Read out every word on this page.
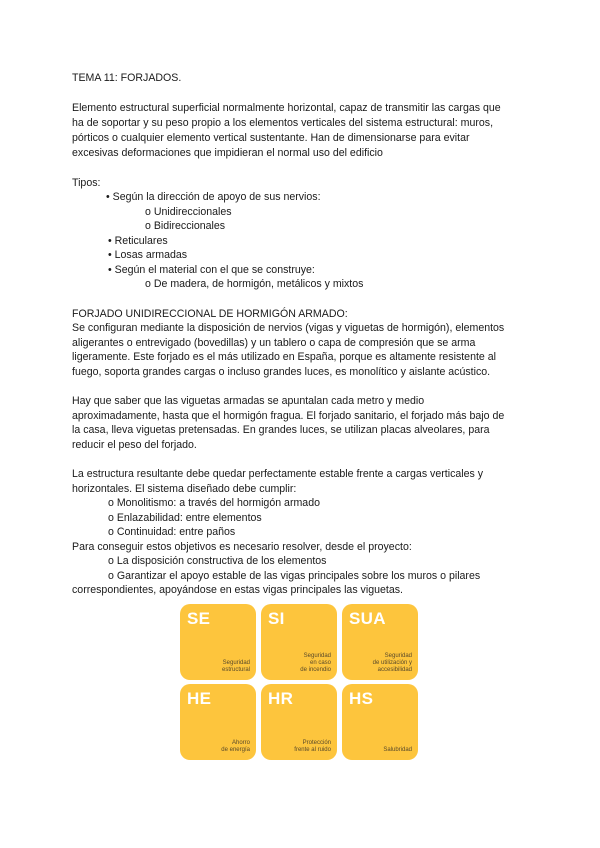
TEMA 11: FORJADOS.
Elemento estructural superficial normalmente horizontal, capaz de transmitir las cargas que
ha de soportar y su peso propio a los elementos verticales del sistema estructural: muros,
pórticos o cualquier elemento vertical sustentante. Han de dimensionarse para evitar
excesivas deformaciones que impidieran el normal uso del edificio
Tipos:
• Según la dirección de apoyo de sus nervios:
o Unidireccionales
o Bidireccionales
• Reticulares
• Losas armadas
• Según el material con el que se construye:
o De madera, de hormigón, metálicos y mixtos
FORJADO UNIDIRECCIONAL DE HORMIGÓN ARMADO:
Se configuran mediante la disposición de nervios (vigas y viguetas de hormigón), elementos
aligerantes o entrevigado (bovedillas) y un tablero o capa de compresión que se arma
ligeramente. Este forjado es el más utilizado en España, porque es altamente resistente al
fuego, soporta grandes cargas o incluso grandes luces, es monolítico y aislante acústico.
Hay que saber que las viguetas armadas se apuntalan cada metro y medio
aproximadamente, hasta que el hormigón fragua. El forjado sanitario, el forjado más bajo de
la casa, lleva viguetas pretensadas. En grandes luces, se utilizan placas alveolares, para
reducir el peso del forjado.
La estructura resultante debe quedar perfectamente estable frente a cargas verticales y
horizontales. El sistema diseñado debe cumplir:
o Monolitismo: a través del hormigón armado
o Enlazabilidad: entre elementos
o Continuidad: entre paños
Para conseguir estos objetivos es necesario resolver, desde el proyecto:
o La disposición constructiva de los elementos
o Garantizar el apoyo estable de las vigas principales sobre los muros o pilares
correspondientes, apoyándose en estas vigas principales las viguetas.
SE
Seguridad
estructural
SI
Seguridad
en caso
de incendio
SUA
Seguridad
de utilización y
accesibilidad
HE
Ahorro
de energía
HR
Protección
frente al ruido
HS
Salubridad
